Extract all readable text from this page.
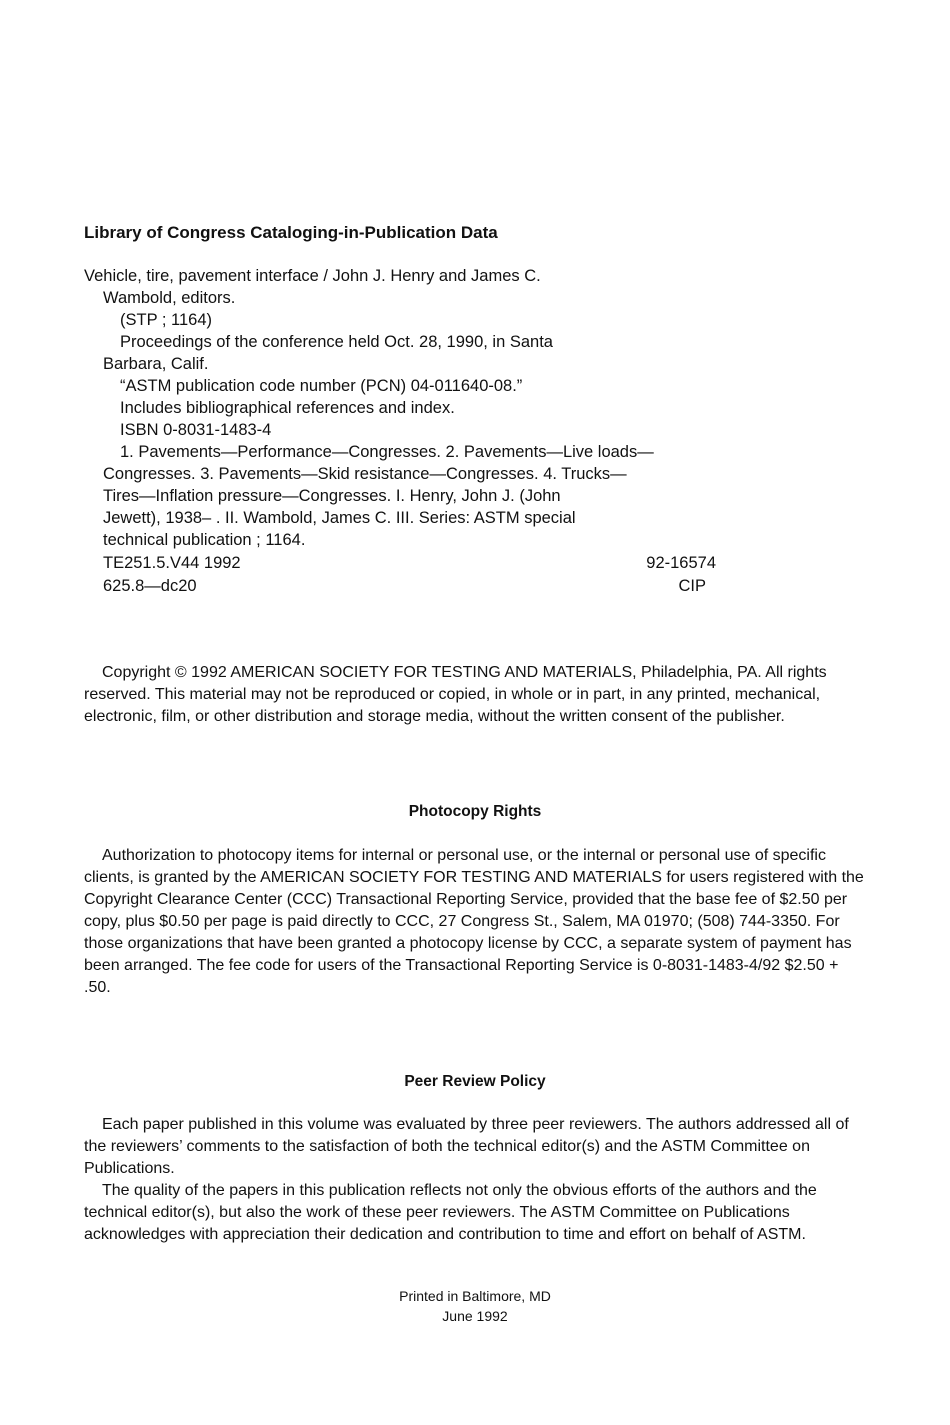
Library of Congress Cataloging-in-Publication Data
Vehicle, tire, pavement interface / John J. Henry and James C.
Wambold, editors.
(STP ; 1164)
Proceedings of the conference held Oct. 28, 1990, in Santa
Barbara, Calif.
“ASTM publication code number (PCN) 04-011640-08.”
Includes bibliographical references and index.
ISBN 0-8031-1483-4
1. Pavements—Performance—Congresses. 2. Pavements—Live loads—
Congresses. 3. Pavements—Skid resistance—Congresses. 4. Trucks—
Tires—Inflation pressure—Congresses. I. Henry, John J. (John
Jewett), 1938– . II. Wambold, James C. III. Series: ASTM special
technical publication ; 1164.
TE251.5.V44 1992	92-16574
625.8—dc20	CIP

Copyright © 1992 AMERICAN SOCIETY FOR TESTING AND MATERIALS, Philadelphia, PA. All rights reserved. This material may not be reproduced or copied, in whole or in part, in any printed, mechanical, electronic, film, or other distribution and storage media, without the written consent of the publisher.

Photocopy Rights

Authorization to photocopy items for internal or personal use, or the internal or personal use of specific clients, is granted by the AMERICAN SOCIETY FOR TESTING AND MATERIALS for users registered with the Copyright Clearance Center (CCC) Transactional Reporting Service, provided that the base fee of $2.50 per copy, plus $0.50 per page is paid directly to CCC, 27 Congress St., Salem, MA 01970; (508) 744-3350. For those organizations that have been granted a photocopy license by CCC, a separate system of payment has been arranged. The fee code for users of the Transactional Reporting Service is 0-8031-1483-4/92 $2.50 + .50.

Peer Review Policy

Each paper published in this volume was evaluated by three peer reviewers. The authors addressed all of the reviewers’ comments to the satisfaction of both the technical editor(s) and the ASTM Committee on Publications.

The quality of the papers in this publication reflects not only the obvious efforts of the authors and the technical editor(s), but also the work of these peer reviewers. The ASTM Committee on Publications acknowledges with appreciation their dedication and contribution to time and effort on behalf of ASTM.

Printed in Baltimore, MD
June 1992
